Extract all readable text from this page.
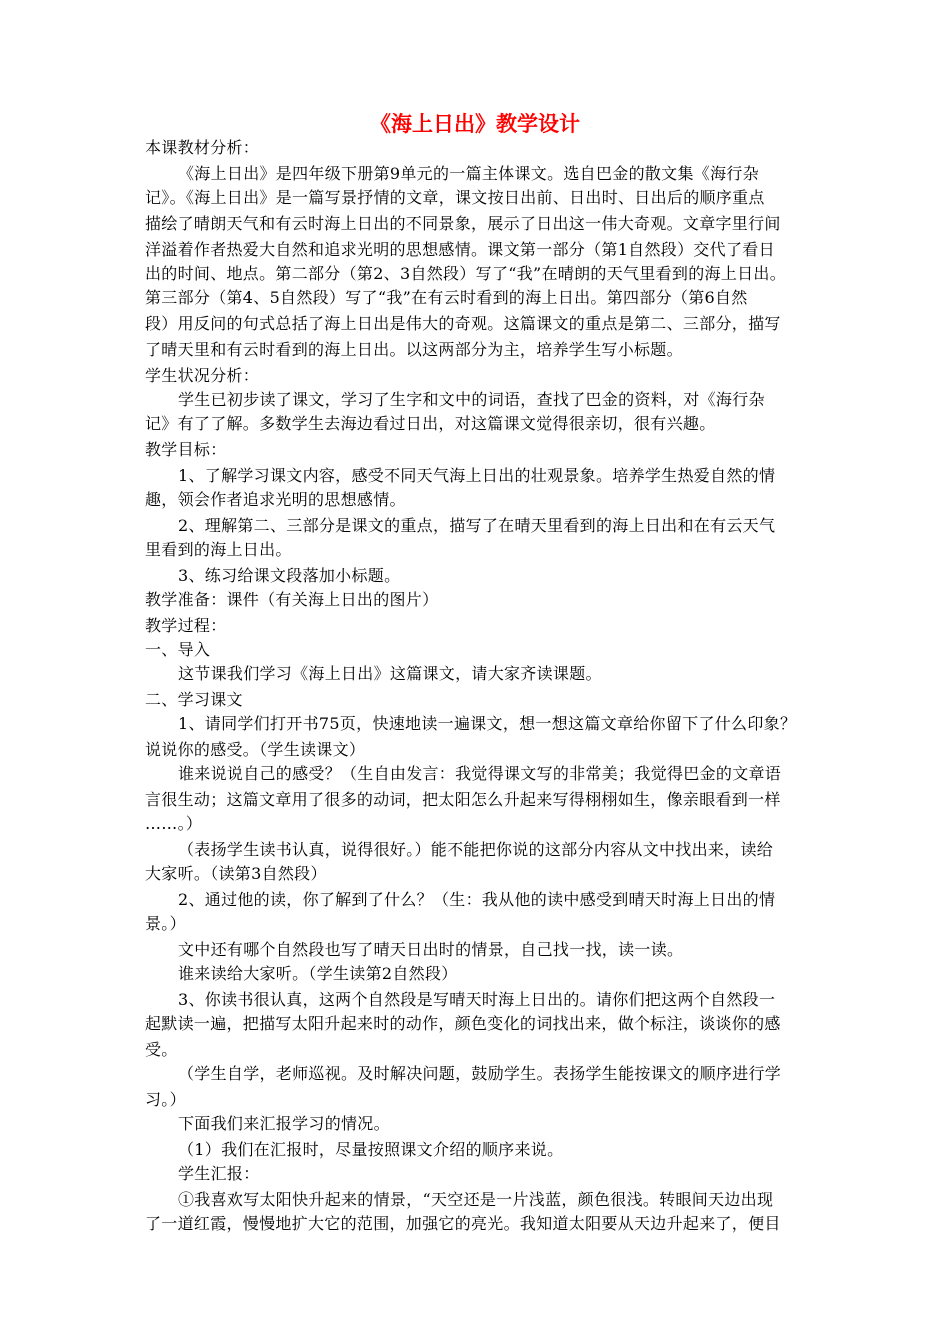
《海上日出》教学设计
本课教材分析：
《海上日出》是四年级下册第9单元的一篇主体课文。选自巴金的散文集《海行杂
记》。《海上日出》是一篇写景抒情的文章，课文按日出前、日出时、日出后的顺序重点
描绘了晴朗天气和有云时海上日出的不同景象，展示了日出这一伟大奇观。文章字里行间
洋溢着作者热爱大自然和追求光明的思想感情。课文第一部分（第1自然段）交代了看日
出的时间、地点。第二部分（第2、3自然段）写了“我”在晴朗的天气里看到的海上日出。
第三部分（第4、5自然段）写了“我”在有云时看到的海上日出。第四部分（第6自然
段）用反问的句式总括了海上日出是伟大的奇观。这篇课文的重点是第二、三部分，描写
了晴天里和有云时看到的海上日出。以这两部分为主，培养学生写小标题。
学生状况分析：
学生已初步读了课文，学习了生字和文中的词语，查找了巴金的资料，对《海行杂
记》有了了解。多数学生去海边看过日出，对这篇课文觉得很亲切，很有兴趣。
教学目标：
1、了解学习课文内容，感受不同天气海上日出的壮观景象。培养学生热爱自然的情
趣，领会作者追求光明的思想感情。
2、理解第二、三部分是课文的重点，描写了在晴天里看到的海上日出和在有云天气
里看到的海上日出。
3、练习给课文段落加小标题。
教学准备：课件（有关海上日出的图片）
教学过程：
一、导入
这节课我们学习《海上日出》这篇课文，请大家齐读课题。
二、学习课文
1、请同学们打开书75页，快速地读一遍课文，想一想这篇文章给你留下了什么印象？
说说你的感受。（学生读课文）
谁来说说自己的感受？（生自由发言：我觉得课文写的非常美；我觉得巴金的文章语
言很生动；这篇文章用了很多的动词，把太阳怎么升起来写得栩栩如生，像亲眼看到一样
……。）
（表扬学生读书认真，说得很好。）能不能把你说的这部分内容从文中找出来，读给
大家听。（读第3自然段）
2、通过他的读，你了解到了什么？（生：我从他的读中感受到晴天时海上日出的情
景。）
文中还有哪个自然段也写了晴天日出时的情景，自己找一找，读一读。
谁来读给大家听。（学生读第2自然段）
3、你读书很认真，这两个自然段是写晴天时海上日出的。请你们把这两个自然段一
起默读一遍，把描写太阳升起来时的动作，颜色变化的词找出来，做个标注，谈谈你的感
受。
（学生自学，老师巡视。及时解决问题，鼓励学生。表扬学生能按课文的顺序进行学
习。）
下面我们来汇报学习的情况。
（1）我们在汇报时，尽量按照课文介绍的顺序来说。
学生汇报：
①我喜欢写太阳快升起来的情景，“天空还是一片浅蓝，颜色很浅。转眼间天边出现
了一道红霞，慢慢地扩大它的范围，加强它的亮光。我知道太阳要从天边升起来了，便目
